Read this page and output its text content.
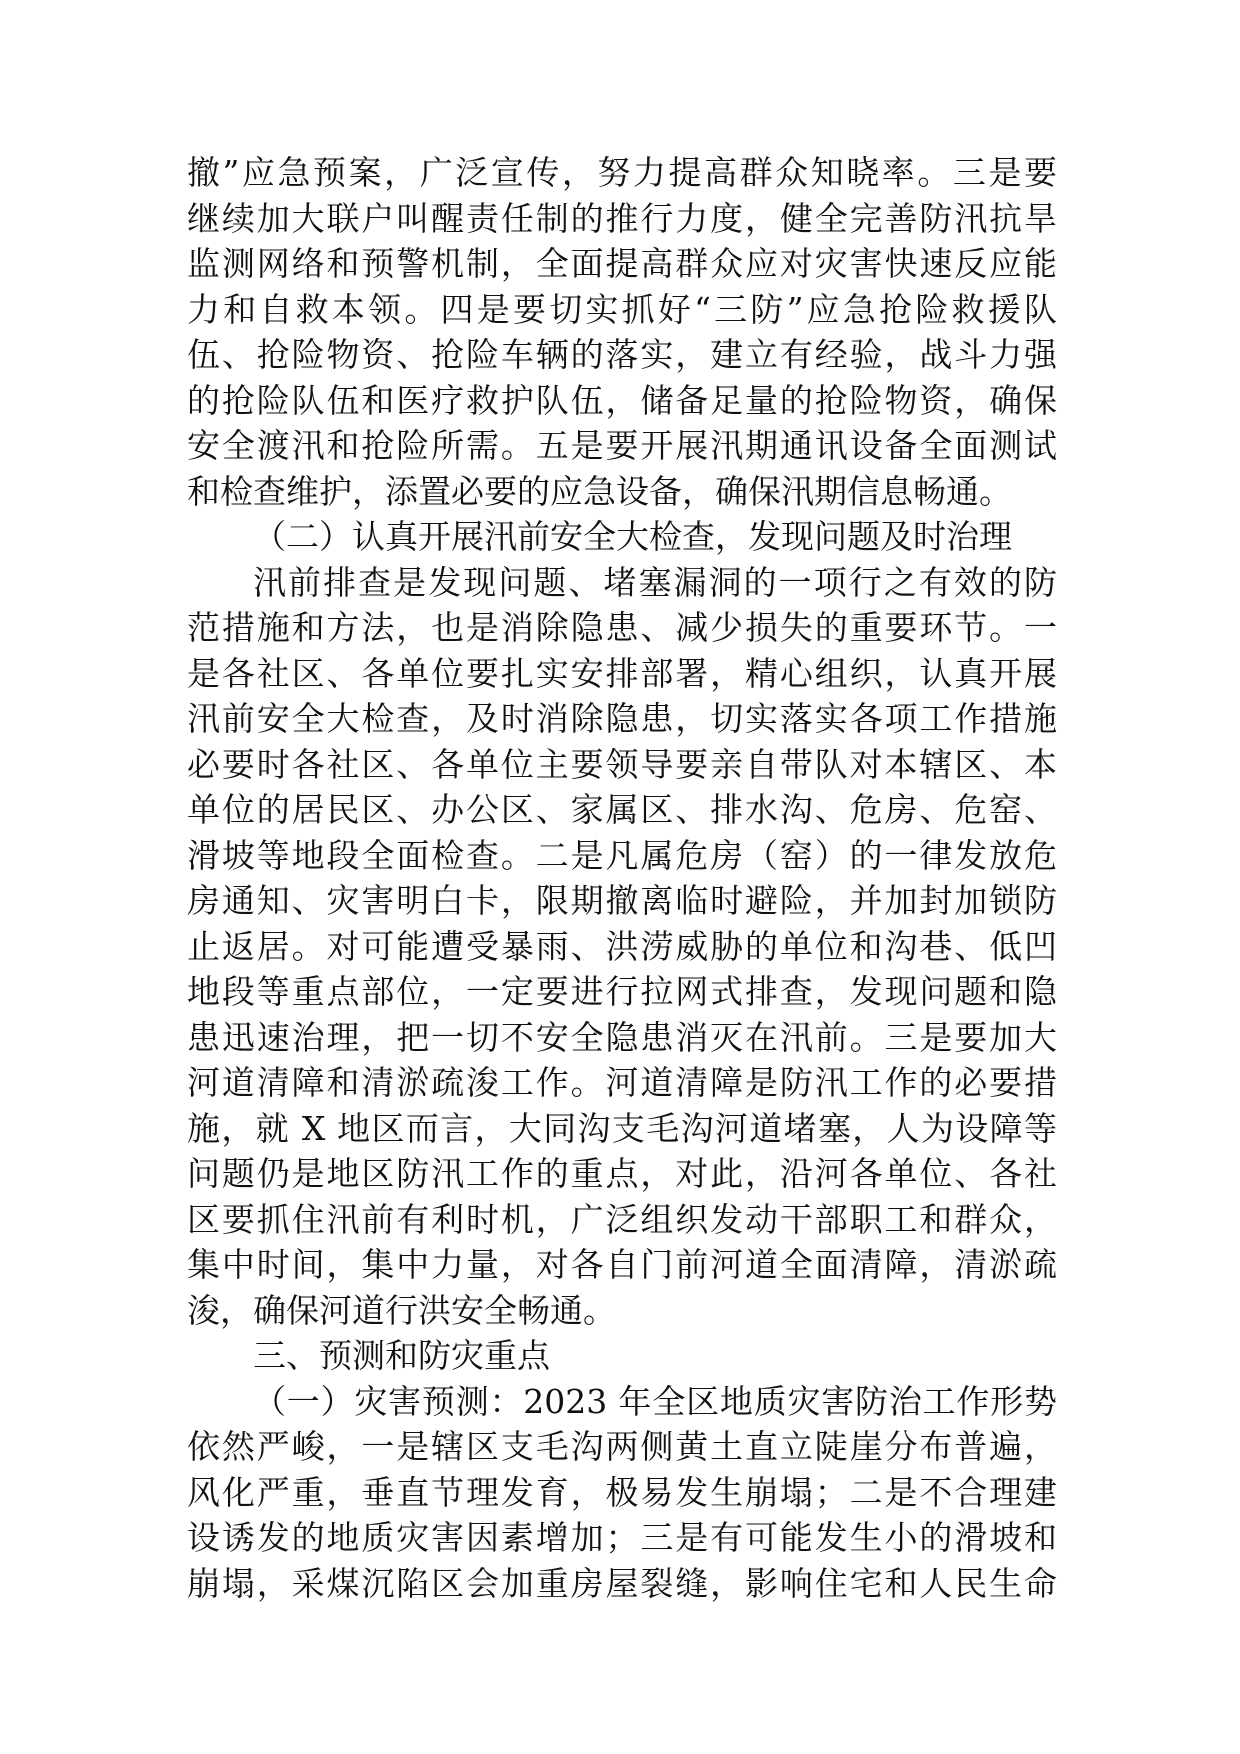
撤”应急预案，广泛宣传，努力提高群众知晓率。三是要
继续加大联户叫醒责任制的推行力度，健全完善防汛抗旱
监测网络和预警机制，全面提高群众应对灾害快速反应能
力和自救本领。四是要切实抓好“三防”应急抢险救援队
伍、抢险物资、抢险车辆的落实，建立有经验，战斗力强
的抢险队伍和医疗救护队伍，储备足量的抢险物资，确保
安全渡汛和抢险所需。五是要开展汛期通讯设备全面测试
和检查维护，添置必要的应急设备，确保汛期信息畅通。
（二）认真开展汛前安全大检查，发现问题及时治理
汛前排查是发现问题、堵塞漏洞的一项行之有效的防
范措施和方法，也是消除隐患、减少损失的重要环节。一
是各社区、各单位要扎实安排部署，精心组织，认真开展
汛前安全大检查，及时消除隐患，切实落实各项工作措施
必要时各社区、各单位主要领导要亲自带队对本辖区、本
单位的居民区、办公区、家属区、排水沟、危房、危窑、
滑坡等地段全面检查。二是凡属危房（窑）的一律发放危
房通知、灾害明白卡，限期撤离临时避险，并加封加锁防
止返居。对可能遭受暴雨、洪涝威胁的单位和沟巷、低凹
地段等重点部位，一定要进行拉网式排查，发现问题和隐
患迅速治理，把一切不安全隐患消灭在汛前。三是要加大
河道清障和清淤疏浚工作。河道清障是防汛工作的必要措
施，就 X 地区而言，大同沟支毛沟河道堵塞，人为设障等
问题仍是地区防汛工作的重点，对此，沿河各单位、各社
区要抓住汛前有利时机，广泛组织发动干部职工和群众，
集中时间，集中力量，对各自门前河道全面清障，清淤疏
浚，确保河道行洪安全畅通。
三、预测和防灾重点
（一）灾害预测：2023 年全区地质灾害防治工作形势
依然严峻，一是辖区支毛沟两侧黄土直立陡崖分布普遍，
风化严重，垂直节理发育，极易发生崩塌；二是不合理建
设诱发的地质灾害因素增加；三是有可能发生小的滑坡和
崩塌，采煤沉陷区会加重房屋裂缝，影响住宅和人民生命
